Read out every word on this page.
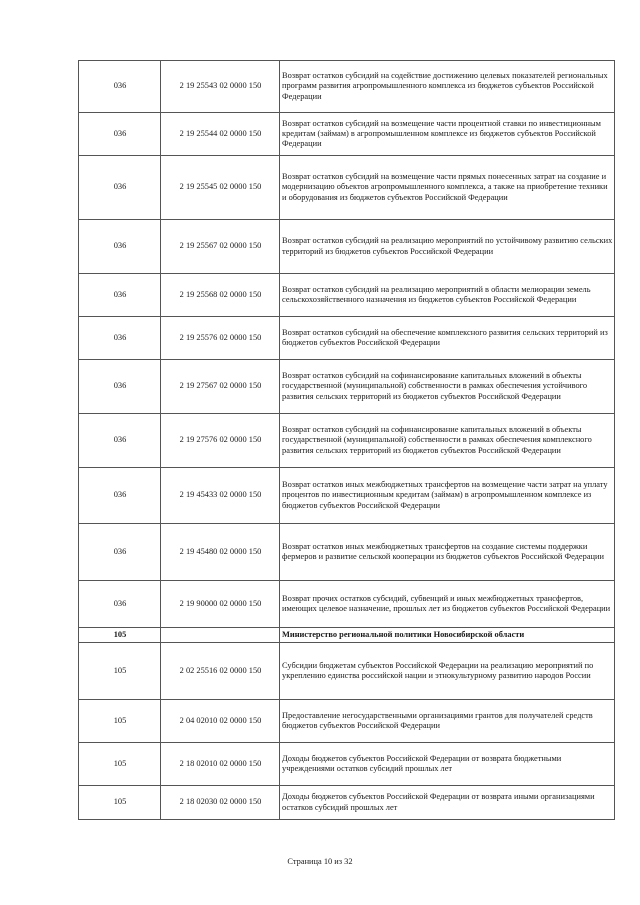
036	2 19 25543 02 0000 150	Возврат остатков субсидий на содействие достижению целевых показателей региональных программ развития агропромышленного комплекса из бюджетов субъектов Российской Федерации
036	2 19 25544 02 0000 150	Возврат остатков субсидий на возмещение части процентной ставки по инвестиционным кредитам (займам) в агропромышленном комплексе из бюджетов субъектов Российской Федерации
036	2 19 25545 02 0000 150	Возврат остатков субсидий на возмещение части прямых понесенных затрат на создание и модернизацию объектов агропромышленного комплекса, а также на приобретение техники и оборудования из бюджетов субъектов Российской Федерации
036	2 19 25567 02 0000 150	Возврат остатков субсидий на реализацию мероприятий по устойчивому развитию сельских территорий из бюджетов субъектов Российской Федерации
036	2 19 25568 02 0000 150	Возврат остатков субсидий на реализацию мероприятий в области мелиорации земель сельскохозяйственного назначения из бюджетов субъектов Российской Федерации
036	2 19 25576 02 0000 150	Возврат остатков субсидий на обеспечение комплексного развития сельских территорий из бюджетов субъектов Российской Федерации
036	2 19 27567 02 0000 150	Возврат остатков субсидий на софинансирование капитальных вложений в объекты государственной (муниципальной) собственности в рамках обеспечения устойчивого развития сельских территорий из бюджетов субъектов Российской Федерации
036	2 19 27576 02 0000 150	Возврат остатков субсидий на софинансирование капитальных вложений в объекты государственной (муниципальной) собственности в рамках обеспечения комплексного развития сельских территорий из бюджетов субъектов Российской Федерации
036	2 19 45433 02 0000 150	Возврат остатков иных межбюджетных трансфертов на возмещение части затрат на уплату процентов по инвестиционным кредитам (займам) в агропромышленном комплексе из бюджетов субъектов Российской Федерации
036	2 19 45480 02 0000 150	Возврат остатков иных межбюджетных трансфертов на создание системы поддержки фермеров и развитие сельской кооперации из бюджетов субъектов Российской Федерации
036	2 19 90000 02 0000 150	Возврат прочих остатков субсидий, субвенций и иных межбюджетных трансфертов, имеющих целевое назначение, прошлых лет из бюджетов субъектов Российской Федерации
105		Министерство региональной политики Новосибирской области
105	2 02 25516 02 0000 150	Субсидии бюджетам субъектов Российской Федерации на реализацию мероприятий по укреплению единства российской нации и этнокультурному развитию народов России
105	2 04 02010 02 0000 150	Предоставление негосударственными организациями грантов для получателей средств бюджетов субъектов Российской Федерации
105	2 18 02010 02 0000 150	Доходы бюджетов субъектов Российской Федерации от возврата бюджетными учреждениями остатков субсидий прошлых лет
105	2 18 02030 02 0000 150	Доходы бюджетов субъектов Российской Федерации от возврата иными организациями остатков субсидий прошлых лет
Страница 10 из 32
